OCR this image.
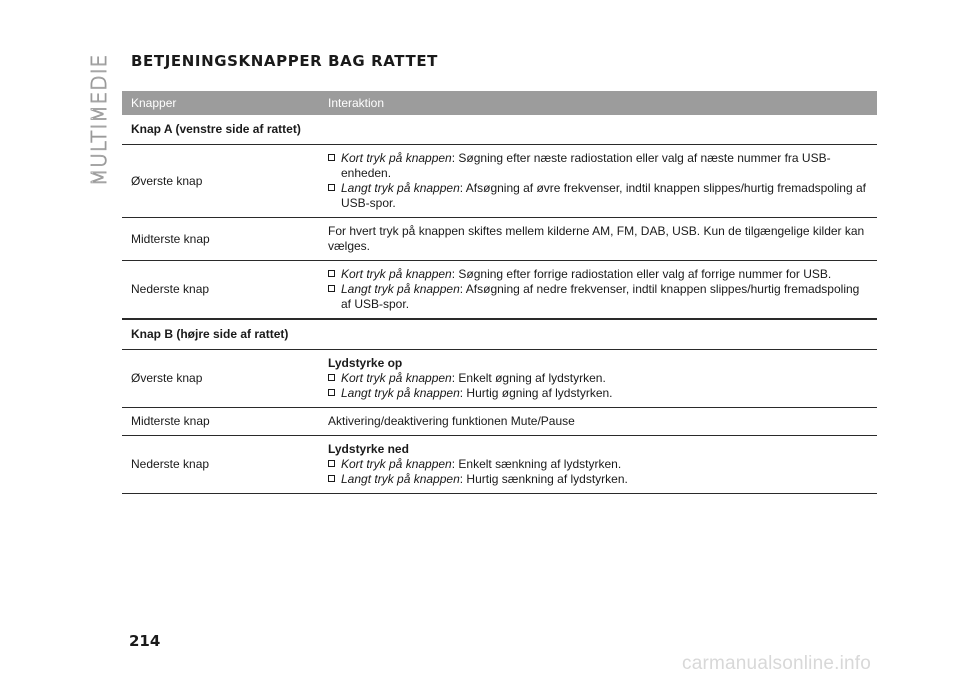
MULTIMEDIE BETJENINGSKNAPPER BAG RATTET
Knapper	Interaktion
Knap A (venstre side af rattet)
Øverste knap
Kort tryk på knappen: Søgning efter næste radiostation eller valg af næste nummer fra USB-enheden.
Langt tryk på knappen: Afsøgning af øvre frekvenser, indtil knappen slippes/hurtig fremadspoling af USB-spor.
Midterste knap
For hvert tryk på knappen skiftes mellem kilderne AM, FM, DAB, USB. Kun de tilgængelige kilder kan vælges.
Nederste knap
Kort tryk på knappen: Søgning efter forrige radiostation eller valg af forrige nummer for USB.
Langt tryk på knappen: Afsøgning af nedre frekvenser, indtil knappen slippes/hurtig fremadspoling af USB-spor.
Knap B (højre side af rattet)
Øverste knap
Lydstyrke op
Kort tryk på knappen: Enkelt øgning af lydstyrken.
Langt tryk på knappen: Hurtig øgning af lydstyrken.
Midterste knap	Aktivering/deaktivering funktionen Mute/Pause
Nederste knap
Lydstyrke ned
Kort tryk på knappen: Enkelt sænkning af lydstyrken.
Langt tryk på knappen: Hurtig sænkning af lydstyrken.
214
carmanualsonline.info
